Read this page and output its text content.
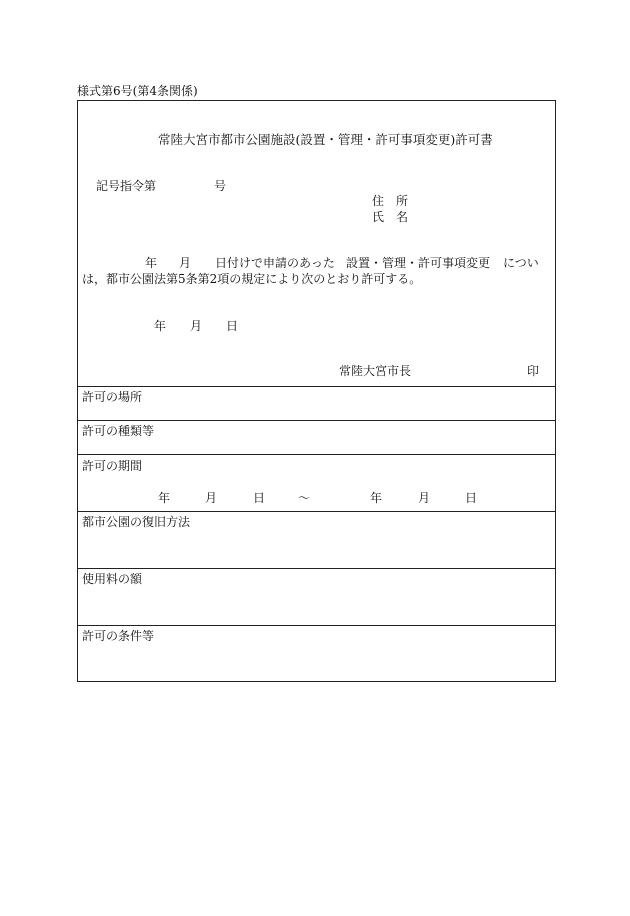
様式第6号(第4条関係)
常陸大宮市都市公園施設(設置・管理・許可事項変更)許可書
記号指令第	号
住　所
氏　名
年 月 日付けで申請のあった 設置・管理・許可事項変更 につい
は，都市公園法第5条第2項の規定により次のとおり許可する。
年 月 日
常陸大宮市長	印
許可の場所
許可の種類等
許可の期間
年	月	日	～	年	月	日
都市公園の復旧方法
使用料の額
許可の条件等
